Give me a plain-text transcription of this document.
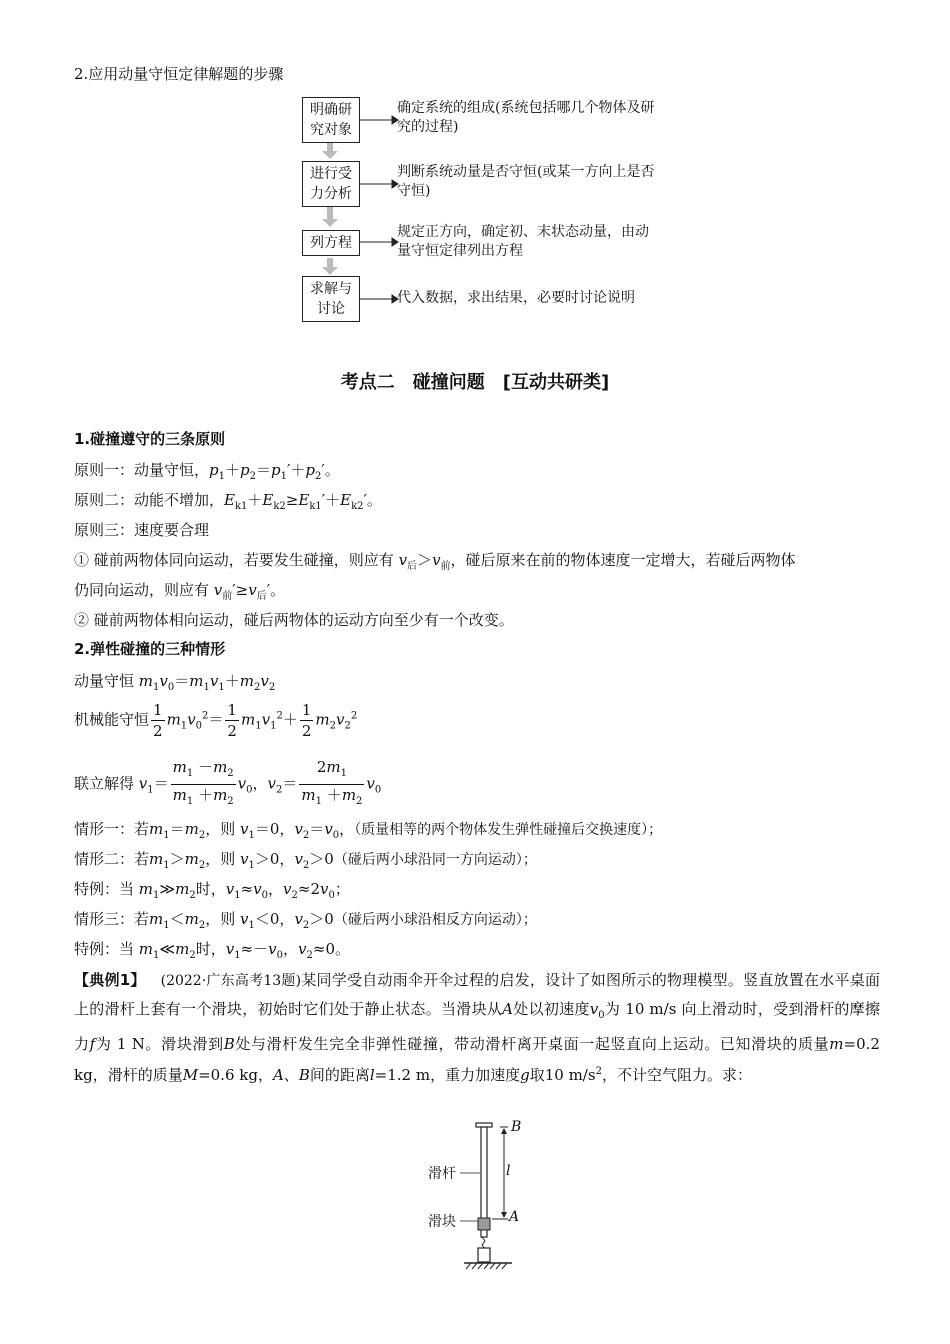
2.应用动量守恒定律解题的步骤
明确研
究对象
进行受
力分析
列方程
求解与
讨论
确定系统的组成(系统包括哪几个物体及研究的过程)
判断系统动量是否守恒(或某一方向上是否守恒)
规定正方向，确定初、末状态动量，由动量守恒定律列出方程
代入数据，求出结果，必要时讨论说明
考点二　碰撞问题　[互动共研类]
1.碰撞遵守的三条原则
原则一：动量守恒，$p_1+p_2=p_1'+p_2'$。
原则二：动能不增加，$E_{k1}+E_{k2}\ge E_{k1}'+E_{k2}'$。
原则三：速度要合理
① 碰前两物体同向运动，若要发生碰撞，则应有 $v_后>v_前$，碰后原来在前的物体速度一定增大，若碰后两物体
仍同向运动，则应有 $v_前'\ge v_后'$。
② 碰前两物体相向运动，碰后两物体的运动方向至少有一个改变。
2.弹性碰撞的三种情形
动量守恒 $m_1v_0=m_1v_1+m_2v_2$
机械能守恒 $\frac{1}{2} m_1v_0^2= \frac{1}{2} m_1v_1^2+ \frac{1}{2} m_2v_2^2$
联立解得 $v_1= \frac{m_1 -m_2}{m_1 +m_2} v_0$，$v_2= \frac{2m_1}{m_1 +m_2} v_0$
情形一：若$m_1=m_2$，则 $v_1=0$，$v_2=v_0$，（质量相等的两个物体发生弹性碰撞后交换速度）；
情形二：若$m_1>m_2$，则 $v_1>0$，$v_2>0$（碰后两小球沿同一方向运动）；
特例：当 $m_1≫m_2$时，$v_1\approx v_0$，$v_2\approx 2v_0$；
情形三：若$m_1<m_2$，则 $v_1<0$，$v_2>0$（碰后两小球沿相反方向运动）；
特例：当 $m_1≪m_2$时，$v_1\approx-v_0$，$v_2\approx 0$。
【典例1】 (2022·广东高考13题)某同学受自动雨伞开伞过程的启发，设计了如图所示的物理模型。竖直放置在水平桌面上的滑杆上套有一个滑块，初始时它们处于静止状态。当滑块从A处以初速度$v_0$为 10 m/s 向上滑动时，受到滑杆的摩擦力f为 1 N。滑块滑到B处与滑杆发生完全非弹性碰撞，带动滑杆离开桌面一起竖直向上运动。已知滑块的质量m=0.2 kg，滑杆的质量M=0.6 kg，A、B间的距离l=1.2 m，重力加速度g取10 $m/s^2$，不计空气阻力。求：
滑杆
滑块
B
A
l
